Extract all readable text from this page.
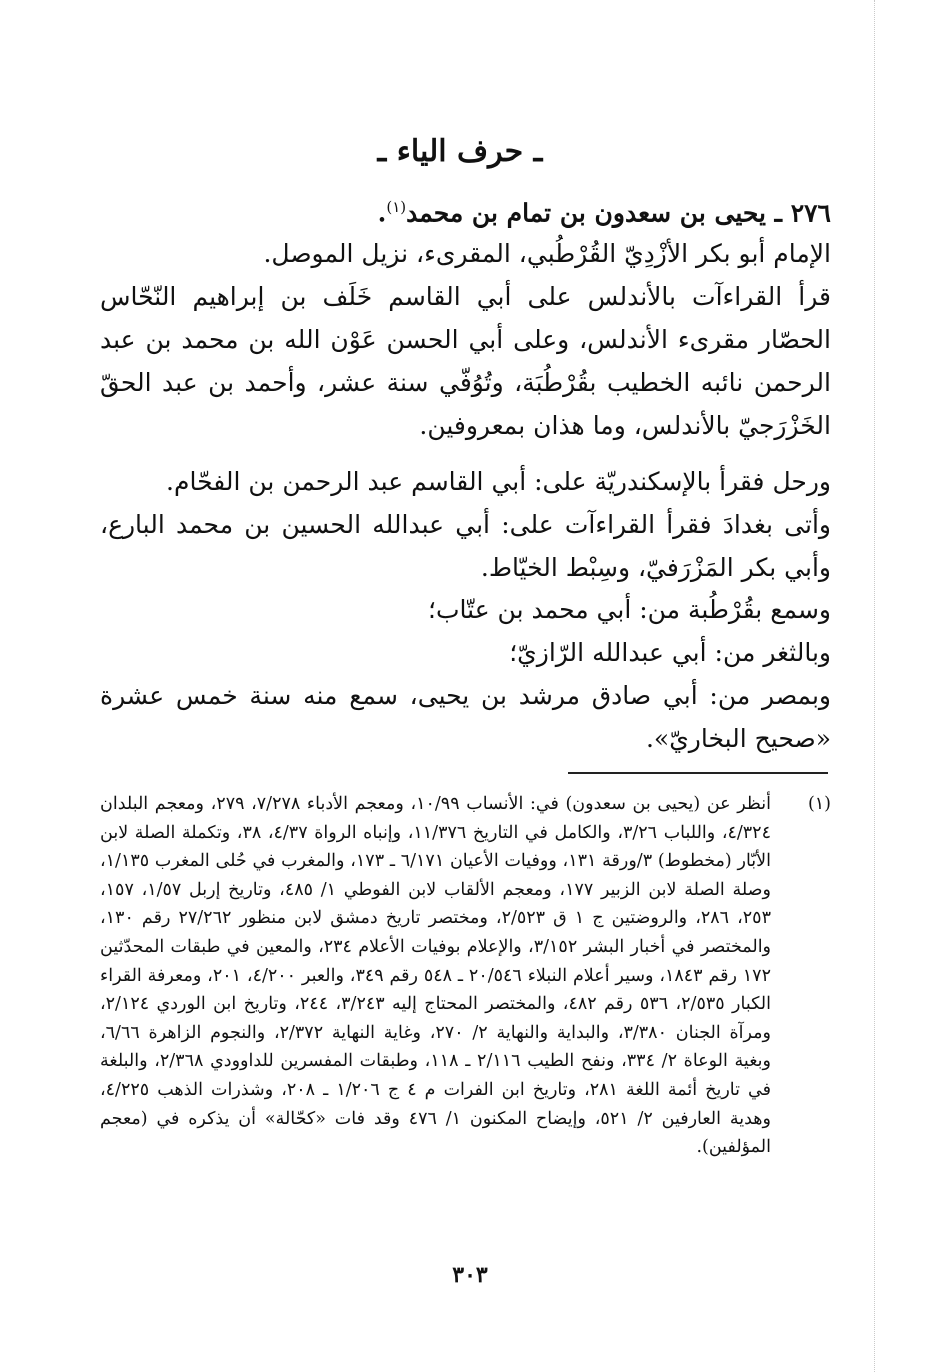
ـ حرف الياء ـ
٢٧٦ ـ يحيى بن سعدون بن تمام بن محمد$^{(١)}$.
الإمام أبو بكر الأزْدِيّ القُرْطُبي، المقرىء، نزيل الموصل.

قرأ القراءآت بالأندلس على أبي القاسم خَلَف بن إبراهيم النّحّاس الحصّار مقرىء الأندلس، وعلى أبي الحسن عَوْن الله بن محمد بن عبد الرحمن نائبه الخطيب بقُرْطُبَة، وتُوُفّي سنة عشر، وأحمد بن عبد الحقّ الخَزْرَجيّ بالأندلس، وما هذان بمعروفين.

ورحل فقرأ بالإسكندريّة على: أبي القاسم عبد الرحمن بن الفحّام.

وأتى بغدادَ فقرأ القراءآت على: أبي عبدالله الحسين بن محمد البارع، وأبي بكر المَزْرَفيّ، وسِبْط الخيّاط.

وسمع بقُرْطُبة من: أبي محمد بن عتّاب؛

وبالثغر من: أبي عبدالله الرّازيّ؛

وبمصر من: أبي صادق مرشد بن يحيى، سمع منه سنة خمس عشرة «صحيح البخاريّ».

(١)
أنظر عن (يحيى بن سعدون) في: الأنساب ١٠/٩٩، ومعجم الأدباء ٧/٢٧٨، ٢٧٩، ومعجم البلدان ٤/٣٢٤، واللباب ٣/٢٦، والكامل في التاريخ ١١/٣٧٦، وإنباه الرواة ٤/٣٧، ٣٨، وتكملة الصلة لابن الأبّار (مخطوط) ٣/ورقة ١٣١، ووفيات الأعيان ٦/١٧١ ـ ١٧٣، والمغرب في حُلى المغرب ١/١٣٥، وصلة الصلة لابن الزبير ١٧٧، ومعجم الألقاب لابن الفوطي ١/ ٤٨٥، وتاريخ إربل ١/٥٧، ١٥٧، ٢٥٣، ٢٨٦، والروضتين ج ١ ق ٢/٥٢٣، ومختصر تاريخ دمشق لابن منظور ٢٧/٢٦٢ رقم ١٣٠، والمختصر في أخبار البشر ٣/١٥٢، والإعلام بوفيات الأعلام ٢٣٤، والمعين في طبقات المحدّثين ١٧٢ رقم ١٨٤٣، وسير أعلام النبلاء ٢٠/٥٤٦ ـ ٥٤٨ رقم ٣٤٩، والعبر ٤/٢٠٠، ٢٠١، ومعرفة القراء الكبار ٢/٥٣٥، ٥٣٦ رقم ٤٨٢، والمختصر المحتاج إليه ٣/٢٤٣، ٢٤٤، وتاريخ ابن الوردي ٢/١٢٤، ومرآة الجنان ٣/٣٨٠، والبداية والنهاية ٢/ ٢٧٠، وغاية النهاية ٢/٣٧٢، والنجوم الزاهرة ٦/٦٦، وبغية الوعاة ٢/ ٣٣٤، ونفح الطيب ٢/١١٦ ـ ١١٨، وطبقات المفسرين للداوودي ٢/٣٦٨، والبلغة في تاريخ أئمة اللغة ٢٨١، وتاريخ ابن الفرات م ٤ ج ١/٢٠٦ ـ ٢٠٨، وشذرات الذهب ٤/٢٢٥، وهدية العارفين ٢/ ٥٢١، وإيضاح المكنون ١/ ٤٧٦ وقد فات «كحّالة» أن يذكره في (معجم المؤلفين).
٣٠٣
